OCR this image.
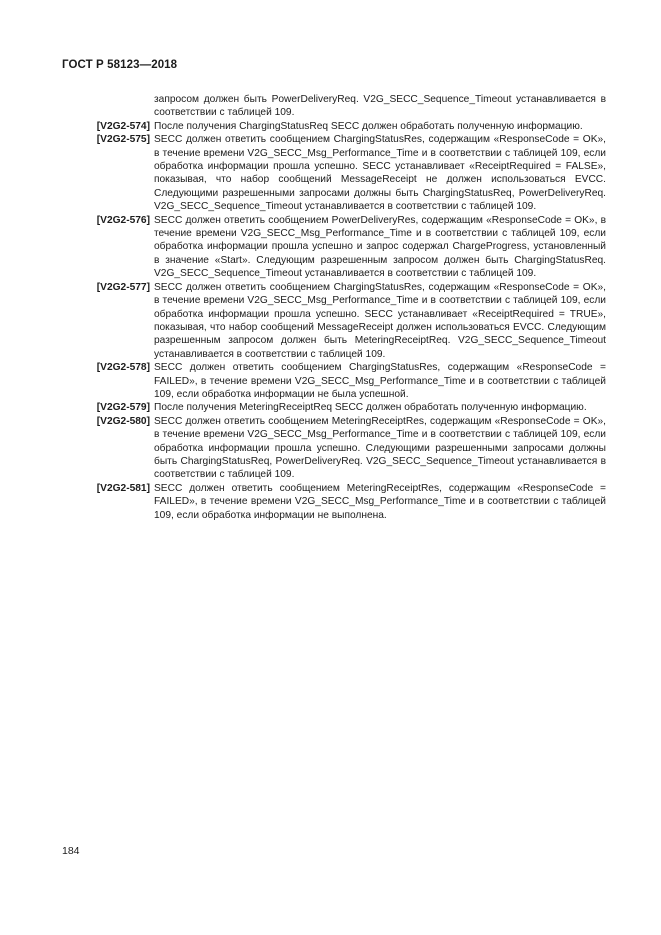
ГОСТ Р 58123—2018
запросом должен быть PowerDeliveryReq. V2G_SECC_Sequence_Timeout устанавливается в соответствии с таблицей 109.
[V2G2-574] После получения ChargingStatusReq SECC должен обработать полученную информацию.
[V2G2-575] SECC должен ответить сообщением ChargingStatusRes, содержащим «ResponseCode = OK», в течение времени V2G_SECC_Msg_Performance_Time и в соответствии с таблицей 109, если обработка информации прошла успешно. SECC устанавливает «ReceiptRequired = FALSE», показывая, что набор сообщений MessageReceipt не должен использоваться EVCC. Следующими разрешенными запросами должны быть ChargingStatusReq, PowerDeliveryReq. V2G_SECC_Sequence_Timeout устанавливается в соответствии с таблицей 109.
[V2G2-576] SECC должен ответить сообщением PowerDeliveryRes, содержащим «ResponseCode = OK», в течение времени V2G_SECC_Msg_Performance_Time и в соответствии с таблицей 109, если обработка информации прошла успешно и запрос содержал ChargeProgress, установленный в значение «Start». Следующим разрешенным запросом должен быть ChargingStatusReq. V2G_SECC_Sequence_Timeout устанавливается в соответствии с таблицей 109.
[V2G2-577] SECC должен ответить сообщением ChargingStatusRes, содержащим «ResponseCode = OK», в течение времени V2G_SECC_Msg_Performance_Time и в соответствии с таблицей 109, если обработка информации прошла успешно. SECC устанавливает «ReceiptRequired = TRUE», показывая, что набор сообщений MessageReceipt должен использоваться EVCC. Следующим разрешенным запросом должен быть MeteringReceiptReq. V2G_SECC_Sequence_Timeout устанавливается в соответствии с таблицей 109.
[V2G2-578] SECC должен ответить сообщением ChargingStatusRes, содержащим «ResponseCode = FAILED», в течение времени V2G_SECC_Msg_Performance_Time и в соответствии с таблицей 109, если обработка информации не была успешной.
[V2G2-579] После получения MeteringReceiptReq SECC должен обработать полученную информацию.
[V2G2-580] SECC должен ответить сообщением MeteringReceiptRes, содержащим «ResponseCode = OK», в течение времени V2G_SECC_Msg_Performance_Time и в соответствии с таблицей 109, если обработка информации прошла успешно. Следующими разрешенными запросами должны быть ChargingStatusReq, PowerDeliveryReq. V2G_SECC_Sequence_Timeout устанавливается в соответствии с таблицей 109.
[V2G2-581] SECC должен ответить сообщением MeteringReceiptRes, содержащим «ResponseCode = FAILED», в течение времени V2G_SECC_Msg_Performance_Time и в соответствии с таблицей 109, если обработка информации не выполнена.
184
